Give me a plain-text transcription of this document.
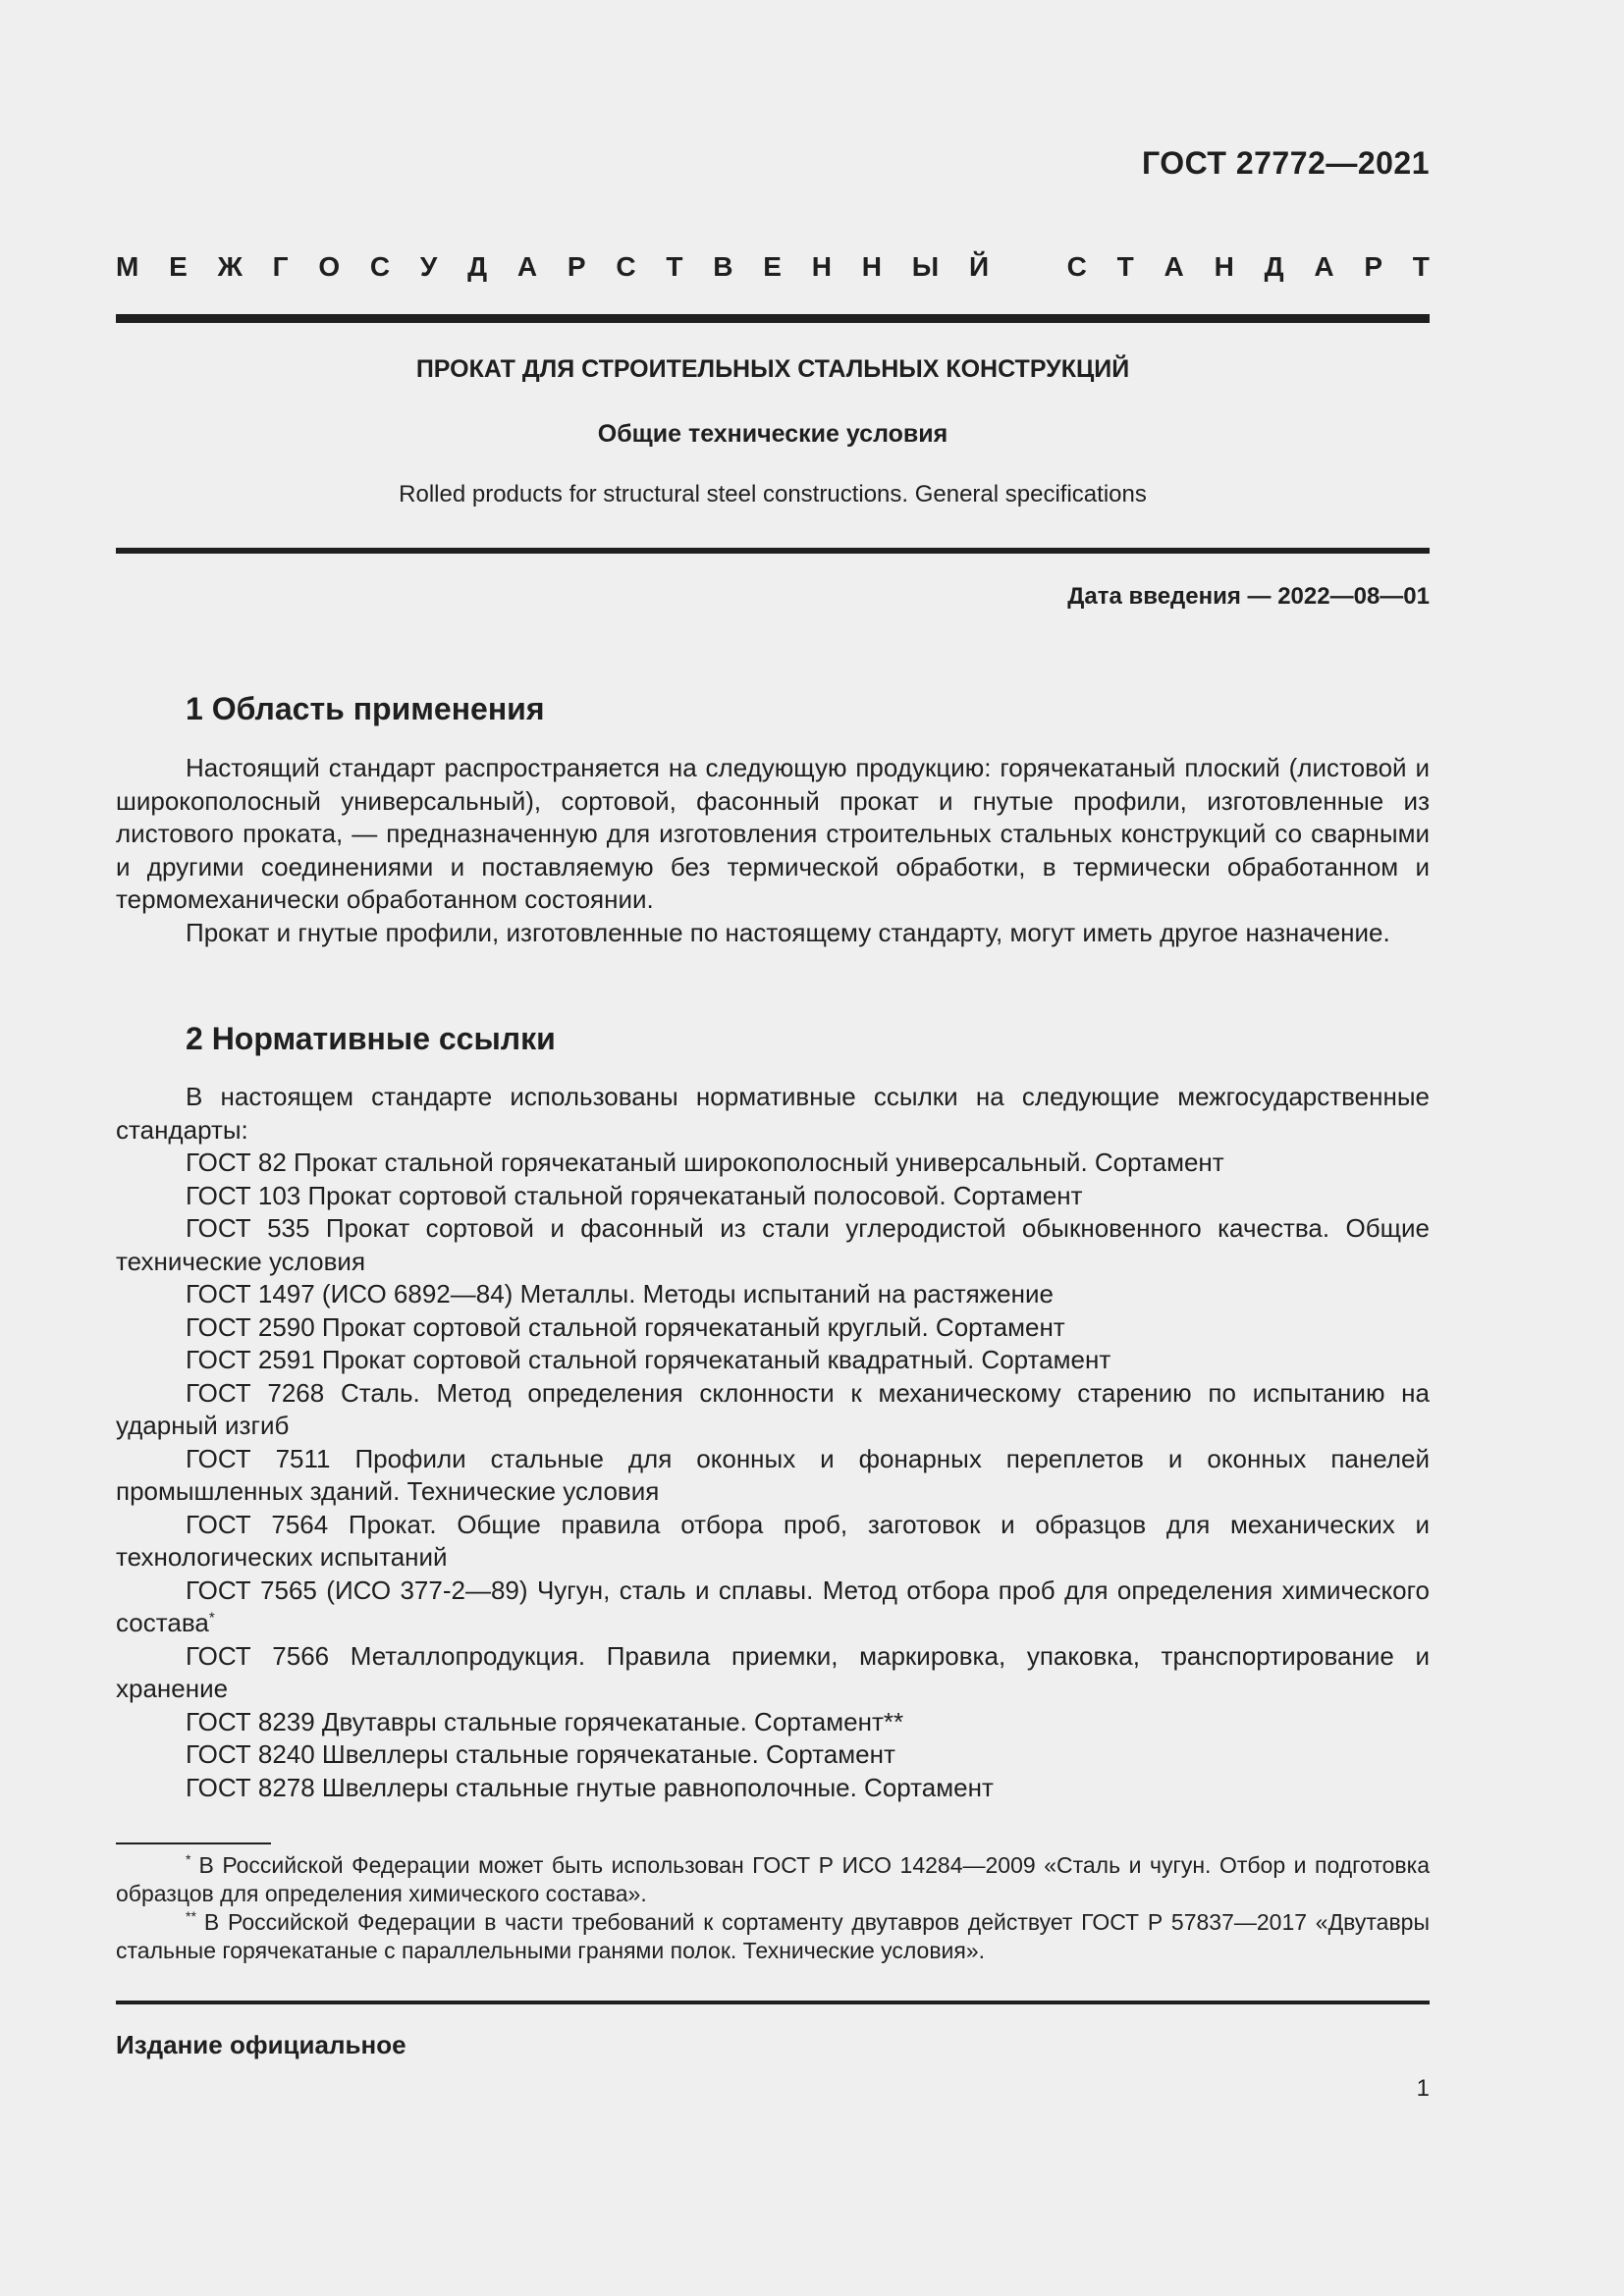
ГОСТ 27772—2021
М Е Ж Г О С У Д А Р С Т В Е Н Н Ы Й	С Т А Н Д А Р Т
ПРОКАТ ДЛЯ СТРОИТЕЛЬНЫХ СТАЛЬНЫХ КОНСТРУКЦИЙ
Общие технические условия
Rolled products for structural steel constructions. General specifications
Дата введения — 2022—08—01
1 Область применения

Настоящий стандарт распространяется на следующую продукцию: горячекатаный плоский (листовой и широкополосный универсальный), сортовой, фасонный прокат и гнутые профили, изготовленные из листового проката, — предназначенную для изготовления строительных стальных конструкций со сварными и другими соединениями и поставляемую без термической обработки, в термически обработанном и термомеханически обработанном состоянии.

Прокат и гнутые профили, изготовленные по настоящему стандарту, могут иметь другое назначение.

2 Нормативные ссылки

В настоящем стандарте использованы нормативные ссылки на следующие межгосударственные стандарты:

ГОСТ 82 Прокат стальной горячекатаный широкополосный универсальный. Сортамент

ГОСТ 103 Прокат сортовой стальной горячекатаный полосовой. Сортамент

ГОСТ 535 Прокат сортовой и фасонный из стали углеродистой обыкновенного качества. Общие технические условия

ГОСТ 1497 (ИСО 6892—84) Металлы. Методы испытаний на растяжение

ГОСТ 2590 Прокат сортовой стальной горячекатаный круглый. Сортамент

ГОСТ 2591 Прокат сортовой стальной горячекатаный квадратный. Сортамент

ГОСТ 7268 Сталь. Метод определения склонности к механическому старению по испытанию на ударный изгиб

ГОСТ 7511 Профили стальные для оконных и фонарных переплетов и оконных панелей промышленных зданий. Технические условия

ГОСТ 7564 Прокат. Общие правила отбора проб, заготовок и образцов для механических и технологических испытаний

ГОСТ 7565 (ИСО 377-2—89) Чугун, сталь и сплавы. Метод отбора проб для определения химического состава*

ГОСТ 7566 Металлопродукция. Правила приемки, маркировка, упаковка, транспортирование и хранение

ГОСТ 8239 Двутавры стальные горячекатаные. Сортамент**

ГОСТ 8240 Швеллеры стальные горячекатаные. Сортамент

ГОСТ 8278 Швеллеры стальные гнутые равнополочные. Сортамент

* В Российской Федерации может быть использован ГОСТ Р ИСО 14284—2009 «Сталь и чугун. Отбор и подготовка образцов для определения химического состава».

** В Российской Федерации в части требований к сортаменту двутавров действует ГОСТ Р 57837—2017 «Двутавры стальные горячекатаные с параллельными гранями полок. Технические условия».

Издание официальное
1
